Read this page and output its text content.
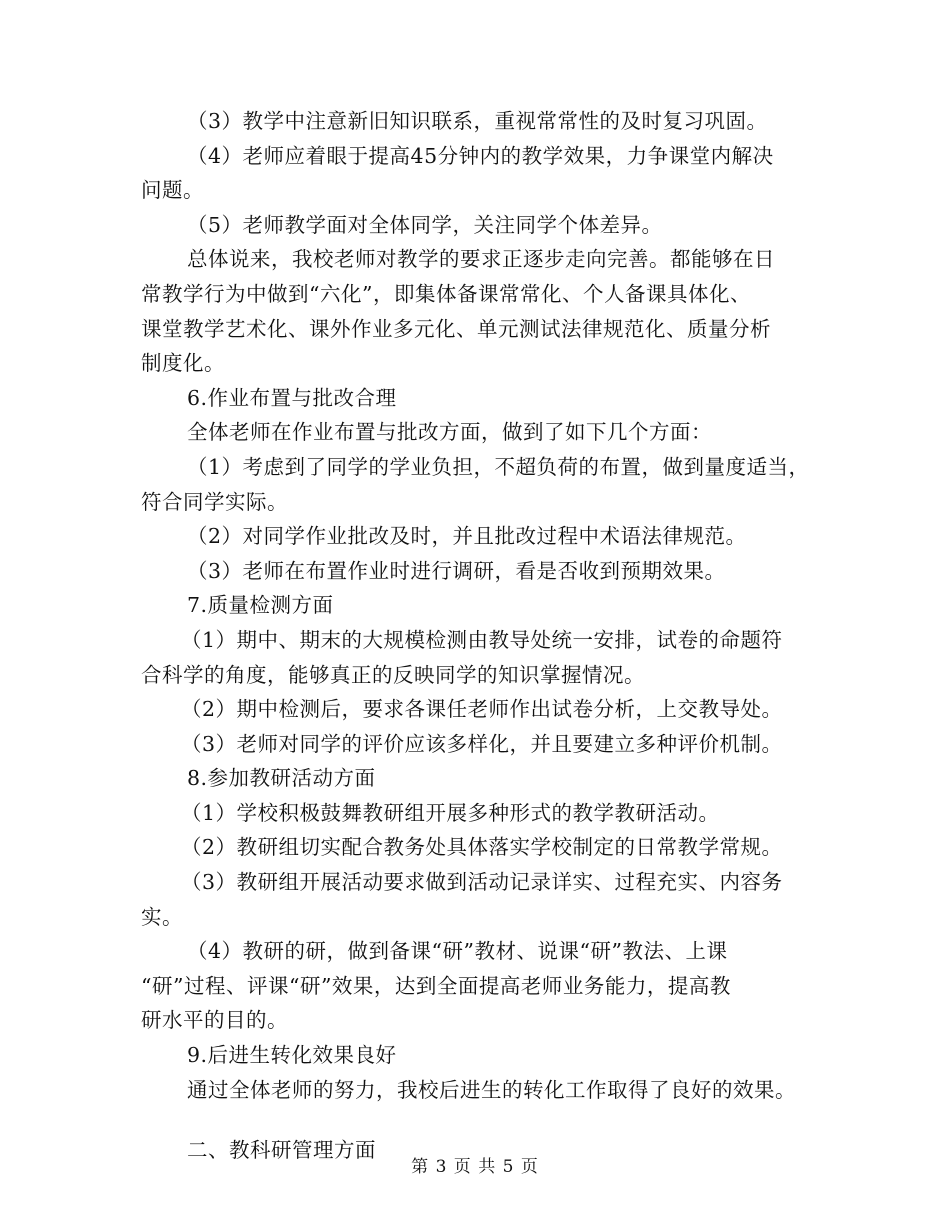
（3）教学中注意新旧知识联系，重视常常性的及时复习巩固。

（4）老师应着眼于提高45分钟内的教学效果，力争课堂内解决

问题。

（5）老师教学面对全体同学，关注同学个体差异。

总体说来，我校老师对教学的要求正逐步走向完善。都能够在日

常教学行为中做到“六化”，即集体备课常常化、个人备课具体化、

课堂教学艺术化、课外作业多元化、单元测试法律规范化、质量分析

制度化。

6.作业布置与批改合理

全体老师在作业布置与批改方面，做到了如下几个方面：

（1）考虑到了同学的学业负担，不超负荷的布置，做到量度适当，

符合同学实际。

（2）对同学作业批改及时，并且批改过程中术语法律规范。

（3）老师在布置作业时进行调研，看是否收到预期效果。

7.质量检测方面

（1）期中、期末的大规模检测由教导处统一安排，试卷的命题符

合科学的角度，能够真正的反映同学的知识掌握情况。

（2）期中检测后，要求各课任老师作出试卷分析，上交教导处。

（3）老师对同学的评价应该多样化，并且要建立多种评价机制。

8.参加教研活动方面

（1）学校积极鼓舞教研组开展多种形式的教学教研活动。

（2）教研组切实配合教务处具体落实学校制定的日常教学常规。

（3）教研组开展活动要求做到活动记录详实、过程充实、内容务

实。

（4）教研的研，做到备课“研”教材、说课“研”教法、上课

“研”过程、评课“研”效果，达到全面提高老师业务能力，提高教

研水平的目的。

9.后进生转化效果良好

通过全体老师的努力，我校后进生的转化工作取得了良好的效果。

二、教科研管理方面

第 3 页 共 5 页
